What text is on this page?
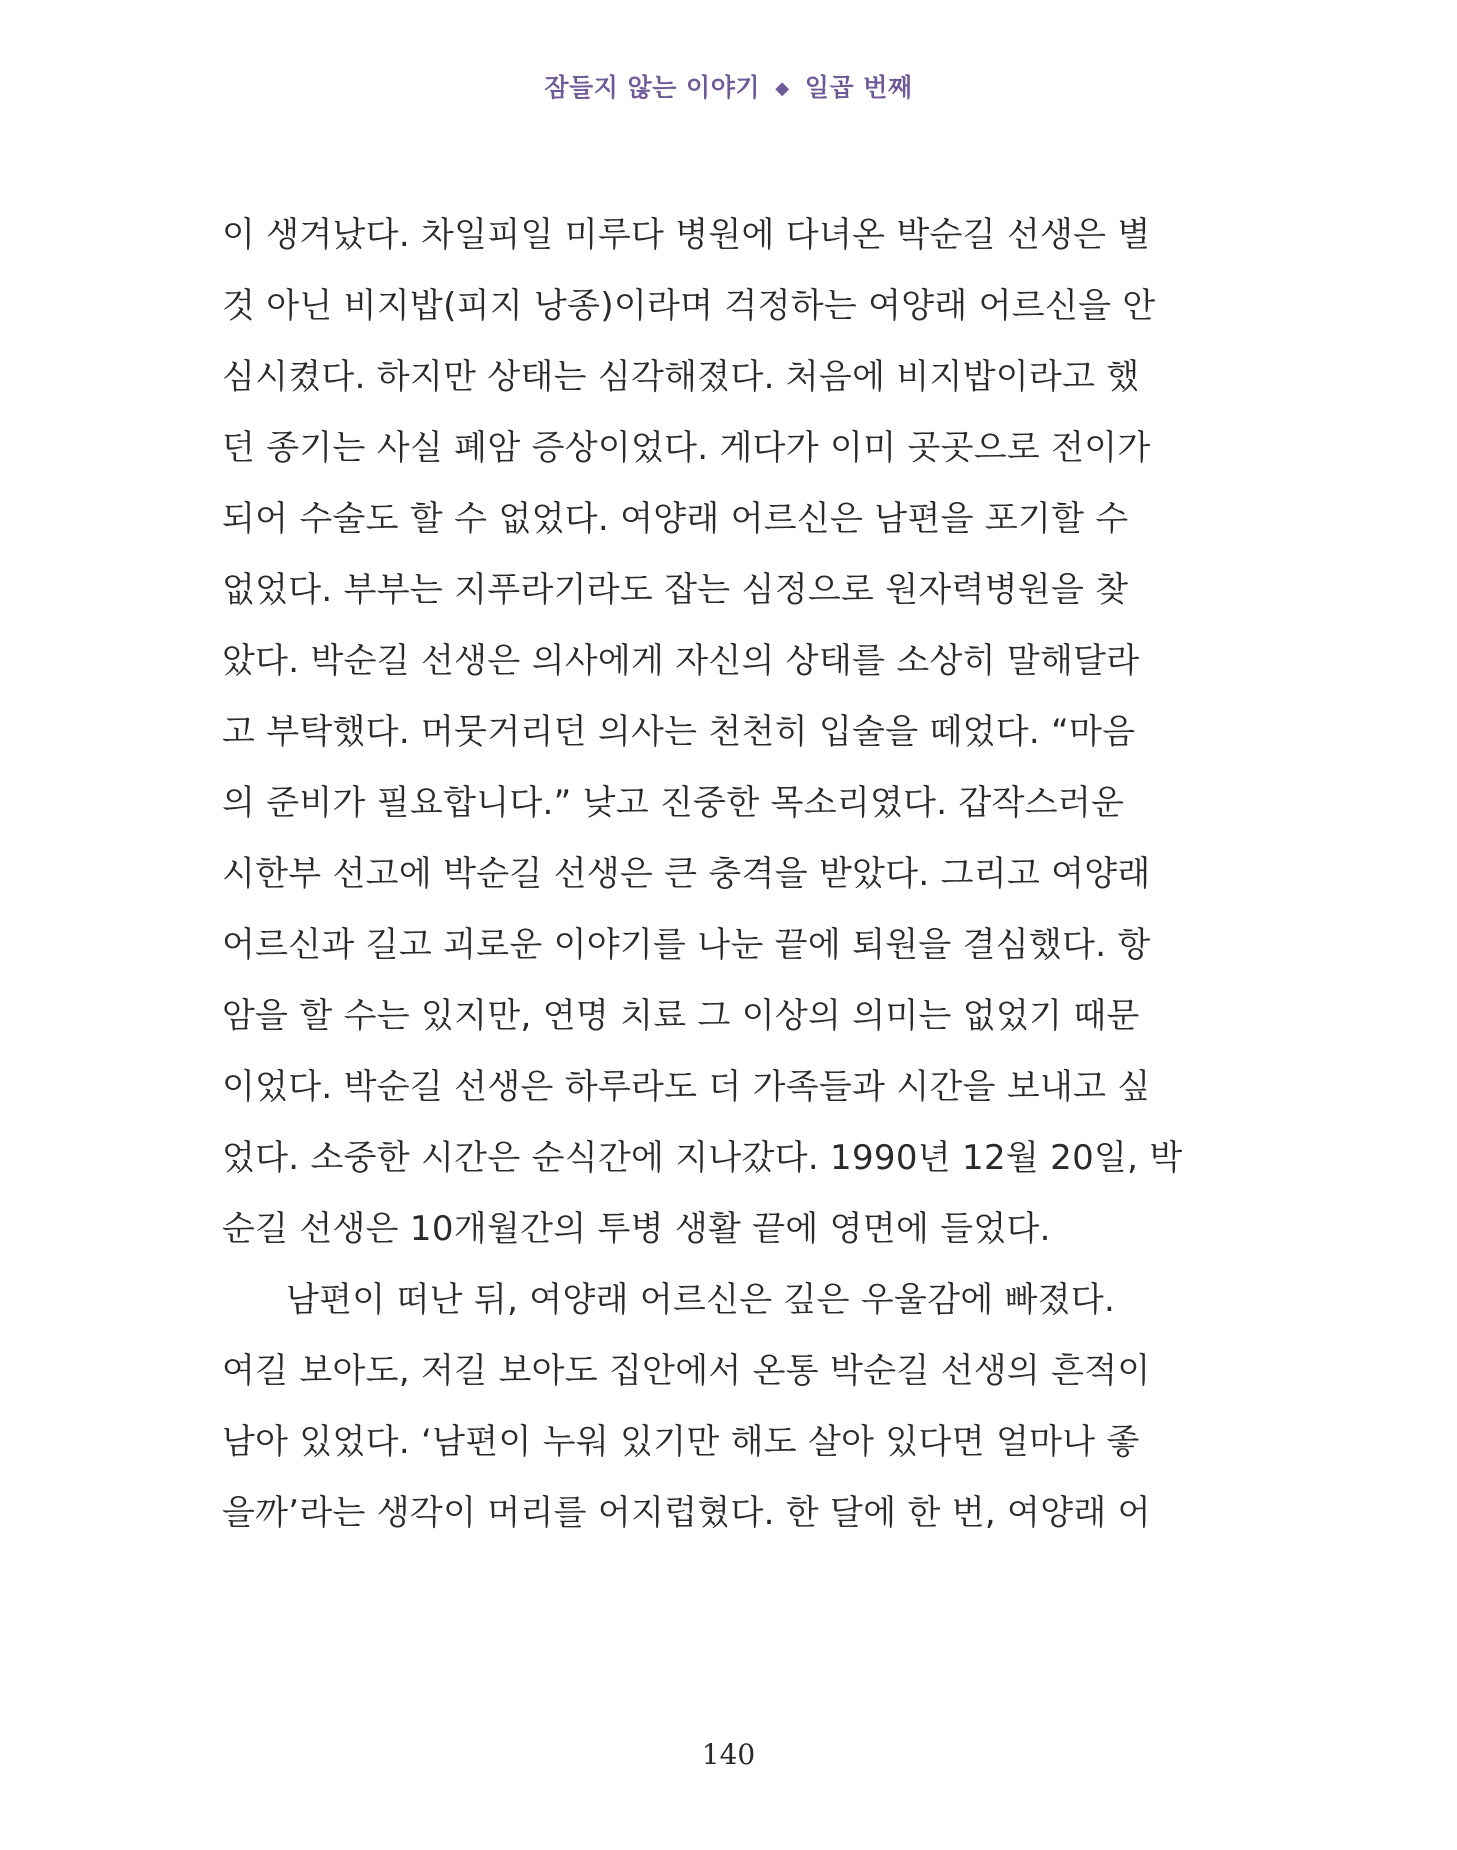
잠들지 않는 이야기 ◆ 일곱 번째
이 생겨났다. 차일피일 미루다 병원에 다녀온 박순길 선생은 별
것 아닌 비지밥(피지 낭종)이라며 걱정하는 여양래 어르신을 안
심시켰다. 하지만 상태는 심각해졌다. 처음에 비지밥이라고 했
던 종기는 사실 폐암 증상이었다. 게다가 이미 곳곳으로 전이가
되어 수술도 할 수 없었다. 여양래 어르신은 남편을 포기할 수
없었다. 부부는 지푸라기라도 잡는 심정으로 원자력병원을 찾
았다. 박순길 선생은 의사에게 자신의 상태를 소상히 말해달라
고 부탁했다. 머뭇거리던 의사는 천천히 입술을 떼었다. “마음
의 준비가 필요합니다.” 낮고 진중한 목소리였다. 갑작스러운
시한부 선고에 박순길 선생은 큰 충격을 받았다. 그리고 여양래
어르신과 길고 괴로운 이야기를 나눈 끝에 퇴원을 결심했다. 항
암을 할 수는 있지만, 연명 치료 그 이상의 의미는 없었기 때문
이었다. 박순길 선생은 하루라도 더 가족들과 시간을 보내고 싶
었다. 소중한 시간은 순식간에 지나갔다. 1990년 12월 20일, 박
순길 선생은 10개월간의 투병 생활 끝에 영면에 들었다.
남편이 떠난 뒤, 여양래 어르신은 깊은 우울감에 빠졌다.
여길 보아도, 저길 보아도 집안에서 온통 박순길 선생의 흔적이
남아 있었다. ‘남편이 누워 있기만 해도 살아 있다면 얼마나 좋
을까’라는 생각이 머리를 어지럽혔다. 한 달에 한 번, 여양래 어
140
